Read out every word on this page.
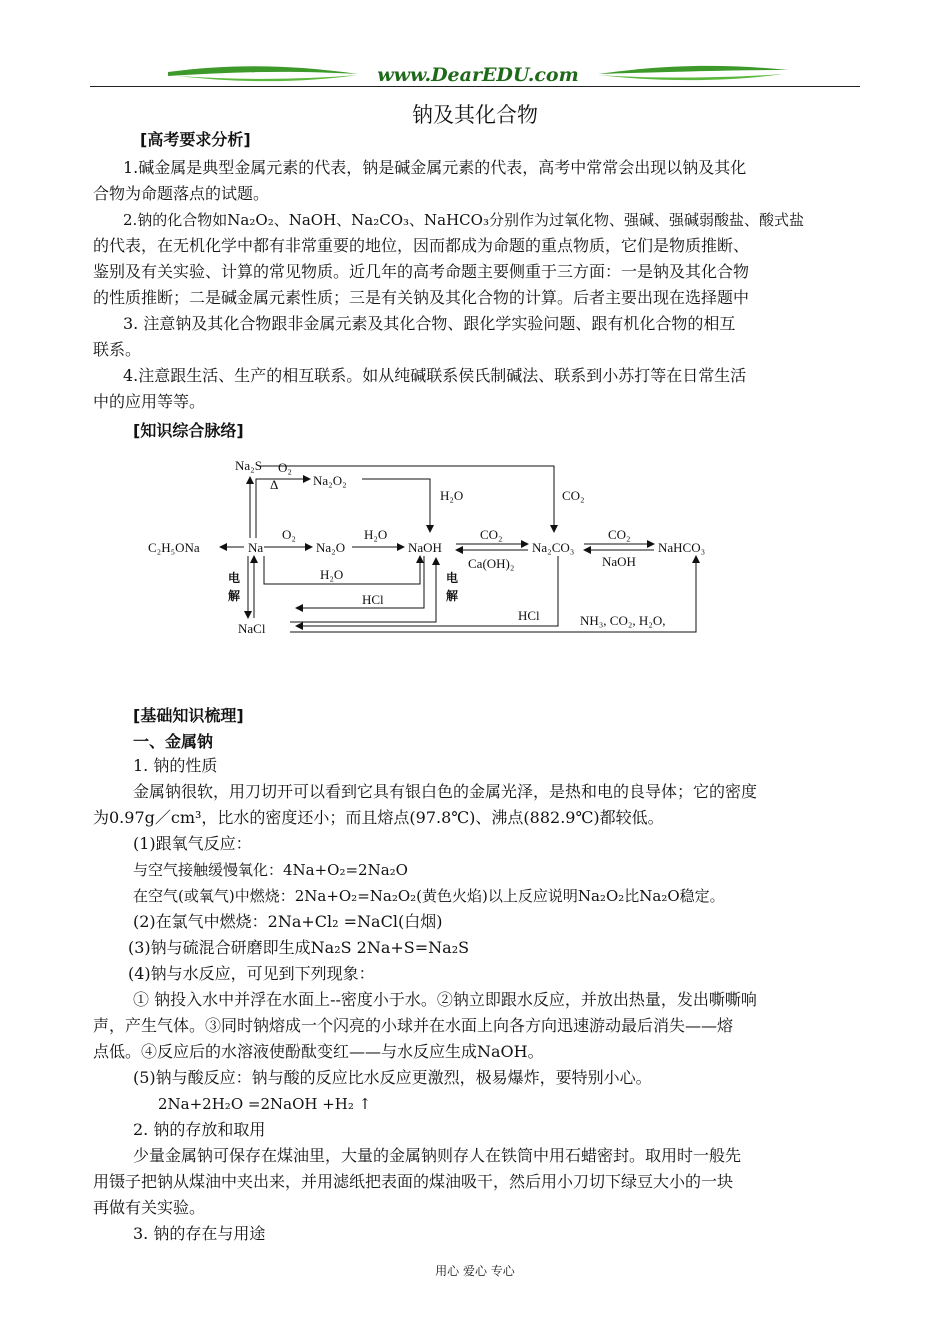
www.DearEDU.com
钠及其化合物
[高考要求分析]
1.碱金属是典型金属元素的代表，钠是碱金属元素的代表，高考中常常会出现以钠及其化
合物为命题落点的试题。
2.钠的化合物如Na₂O₂、NaOH、Na₂CO₃、NaHCO₃分别作为过氧化物、强碱、强碱弱酸盐、酸式盐
的代表，在无机化学中都有非常重要的地位，因而都成为命题的重点物质，它们是物质推断、
鉴别及有关实验、计算的常见物质。近几年的高考命题主要侧重于三方面：一是钠及其化合物
的性质推断；二是碱金属元素性质；三是有关钠及其化合物的计算。后者主要出现在选择题中
3. 注意钠及其化合物跟非金属元素及其化合物、跟化学实验问题、跟有机化合物的相互
联系。
4.注意跟生活、生产的相互联系。如从纯碱联系侯氏制碱法、联系到小苏打等在日常生活
中的应用等等。
[知识综合脉络]
Na₂S
Na₂O₂
C₂H₅ONa	Na	Na₂O	NaOH	Na₂CO₃	NaHCO₃
NaCl
O₂
Δ
H₂O	CO₂
O₂	H₂O	CO₂
Ca(OH)₂
CO₂
NaOH
H₂O
电
解	HCl
电
解
HCl	NH₃, CO₂, H₂O,
[基础知识梳理]
一、金属钠
1. 钠的性质
金属钠很软，用刀切开可以看到它具有银白色的金属光泽，是热和电的良导体；它的密度
为0.97g／cm³，比水的密度还小；而且熔点(97.8℃)、沸点(882.9℃)都较低。
(1)跟氧气反应：
与空气接触缓慢氧化：4Na+O₂=2Na₂O
在空气(或氧气)中燃烧：2Na+O₂=Na₂O₂(黄色火焰)以上反应说明Na₂O₂比Na₂O稳定。
(2)在氯气中燃烧：2Na+Cl₂ =NaCl(白烟)
(3)钠与硫混合研磨即生成Na₂S 2Na+S=Na₂S
(4)钠与水反应，可见到下列现象：
① 钠投入水中并浮在水面上--密度小于水。②钠立即跟水反应，并放出热量，发出嘶嘶响
声，产生气体。③同时钠熔成一个闪亮的小球并在水面上向各方向迅速游动最后消失——熔
点低。④反应后的水溶液使酚酞变红——与水反应生成NaOH。
(5)钠与酸反应：钠与酸的反应比水反应更激烈，极易爆炸，要特别小心。
2Na+2H₂O =2NaOH +H₂ ↑
2. 钠的存放和取用
少量金属钠可保存在煤油里，大量的金属钠则存人在铁筒中用石蜡密封。取用时一般先
用镊子把钠从煤油中夹出来，并用滤纸把表面的煤油吸干，然后用小刀切下绿豆大小的一块
再做有关实验。
3. 钠的存在与用途
用心 爱心 专心
